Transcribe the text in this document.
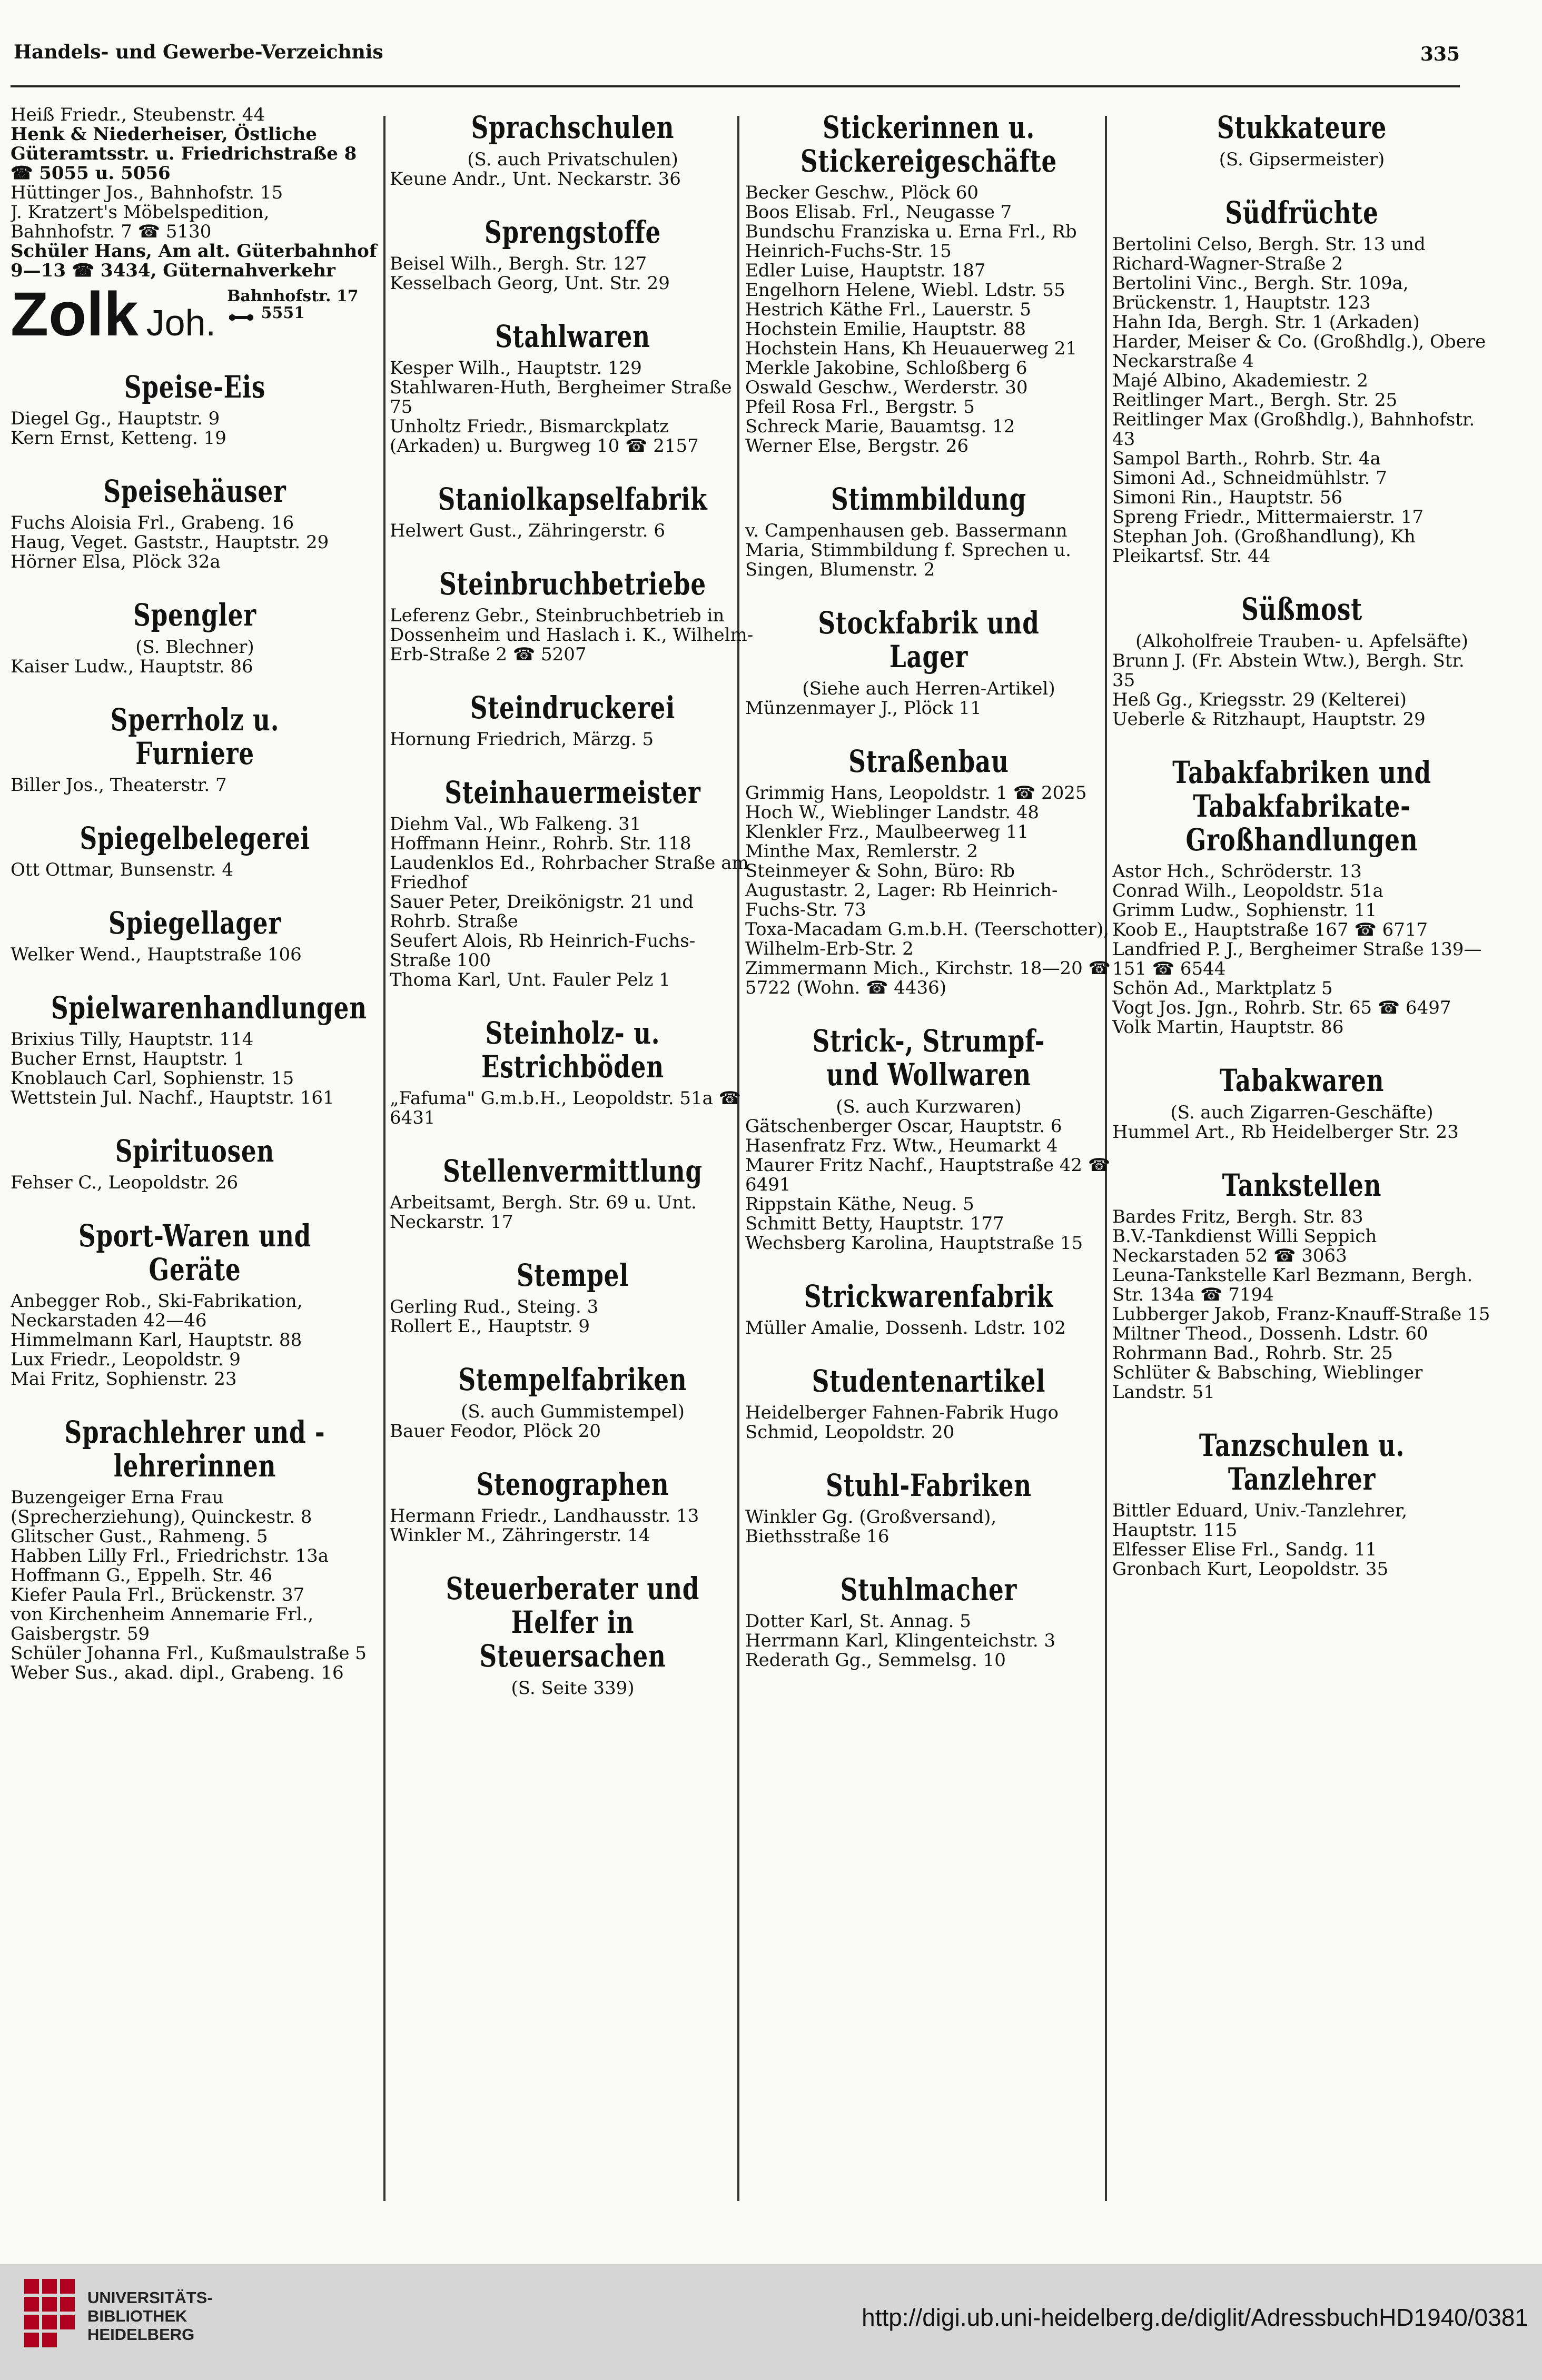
Handels- und Gewerbe-Verzeichnis	335
Heiß Friedr., Steubenstr. 44
Henk & Niederheiser, Östliche Güteramtsstr. u. Friedrichstraße 8 ☎ 5055 u. 5056
Hüttinger Jos., Bahnhofstr. 15
J. Kratzert's Möbelspedition, Bahnhofstr. 7 ☎ 5130
Schüler Hans, Am alt. Güterbahnhof 9—13 ☎ 3434, Güternahverkehr
Zolk Joh. Bahnhofstr. 17
5551
Speise-Eis
Diegel Gg., Hauptstr. 9
Kern Ernst, Ketteng. 19
Speisehäuser
Fuchs Aloisia Frl., Grabeng. 16
Haug, Veget. Gaststr., Hauptstr. 29
Hörner Elsa, Plöck 32a
Spengler
(S. Blechner)
Kaiser Ludw., Hauptstr. 86
Sperrholz u. Furniere
Biller Jos., Theaterstr. 7
Spiegelbelegerei
Ott Ottmar, Bunsenstr. 4
Spiegellager
Welker Wend., Hauptstraße 106
Spielwarenhandlungen
Brixius Tilly, Hauptstr. 114
Bucher Ernst, Hauptstr. 1
Knoblauch Carl, Sophienstr. 15
Wettstein Jul. Nachf., Hauptstr. 161
Spirituosen
Fehser C., Leopoldstr. 26
Sport-Waren und Geräte
Anbegger Rob., Ski-Fabrikation, Neckarstaden 42—46
Himmelmann Karl, Hauptstr. 88
Lux Friedr., Leopoldstr. 9
Mai Fritz, Sophienstr. 23
Sprachlehrer und -lehrerinnen
Buzengeiger Erna Frau (Sprecherziehung), Quinckestr. 8
Glitscher Gust., Rahmeng. 5
Habben Lilly Frl., Friedrichstr. 13a
Hoffmann G., Eppelh. Str. 46
Kiefer Paula Frl., Brückenstr. 37
von Kirchenheim Annemarie Frl., Gaisbergstr. 59
Schüler Johanna Frl., Kußmaulstraße 5
Weber Sus., akad. dipl., Grabeng. 16
Sprachschulen
(S. auch Privatschulen)
Keune Andr., Unt. Neckarstr. 36
Sprengstoffe
Beisel Wilh., Bergh. Str. 127
Kesselbach Georg, Unt. Str. 29
Stahlwaren
Kesper Wilh., Hauptstr. 129
Stahlwaren-Huth, Bergheimer Straße 75
Unholtz Friedr., Bismarckplatz (Arkaden) u. Burgweg 10 ☎ 2157
Staniolkapselfabrik
Helwert Gust., Zähringerstr. 6
Steinbruchbetriebe
Leferenz Gebr., Steinbruchbetrieb in Dossenheim und Haslach i. K., Wilhelm-Erb-Straße 2 ☎ 5207
Steindruckerei
Hornung Friedrich, Märzg. 5
Steinhauermeister
Diehm Val., Wb Falkeng. 31
Hoffmann Heinr., Rohrb. Str. 118
Laudenklos Ed., Rohrbacher Straße am Friedhof
Sauer Peter, Dreikönigstr. 21 und Rohrb. Straße
Seufert Alois, Rb Heinrich-Fuchs-Straße 100
Thoma Karl, Unt. Fauler Pelz 1
Steinholz- u. Estrichböden
„Fafuma" G.m.b.H., Leopoldstr. 51a ☎ 6431
Stellenvermittlung
Arbeitsamt, Bergh. Str. 69 u. Unt. Neckarstr. 17
Stempel
Gerling Rud., Steing. 3
Rollert E., Hauptstr. 9
Stempelfabriken
(S. auch Gummistempel)
Bauer Feodor, Plöck 20
Stenographen
Hermann Friedr., Landhausstr. 13
Winkler M., Zähringerstr. 14
Steuerberater und Helfer in Steuersachen
(S. Seite 339)
Stickerinnen u. Stickereigeschäfte
Becker Geschw., Plöck 60
Boos Elisab. Frl., Neugasse 7
Bundschu Franziska u. Erna Frl., Rb Heinrich-Fuchs-Str. 15
Edler Luise, Hauptstr. 187
Engelhorn Helene, Wiebl. Ldstr. 55
Hestrich Käthe Frl., Lauerstr. 5
Hochstein Emilie, Hauptstr. 88
Hochstein Hans, Kh Heuauerweg 21
Merkle Jakobine, Schloßberg 6
Oswald Geschw., Werderstr. 30
Pfeil Rosa Frl., Bergstr. 5
Schreck Marie, Bauamtsg. 12
Werner Else, Bergstr. 26
Stimmbildung
v. Campenhausen geb. Bassermann Maria, Stimmbildung f. Sprechen u. Singen, Blumenstr. 2
Stockfabrik und Lager
(Siehe auch Herren-Artikel)
Münzenmayer J., Plöck 11
Straßenbau
Grimmig Hans, Leopoldstr. 1 ☎ 2025
Hoch W., Wieblinger Landstr. 48
Klenkler Frz., Maulbeerweg 11
Minthe Max, Remlerstr. 2
Steinmeyer & Sohn, Büro: Rb Augustastr. 2, Lager: Rb Heinrich-Fuchs-Str. 73
Toxa-Macadam G.m.b.H. (Teerschotter), Wilhelm-Erb-Str. 2
Zimmermann Mich., Kirchstr. 18—20 ☎ 5722 (Wohn. ☎ 4436)
Strick-, Strumpf- und Wollwaren
(S. auch Kurzwaren)
Gätschenberger Oscar, Hauptstr. 6
Hasenfratz Frz. Wtw., Heumarkt 4
Maurer Fritz Nachf., Hauptstraße 42 ☎ 6491
Rippstain Käthe, Neug. 5
Schmitt Betty, Hauptstr. 177
Wechsberg Karolina, Hauptstraße 15
Strickwarenfabrik
Müller Amalie, Dossenh. Ldstr. 102
Studentenartikel
Heidelberger Fahnen-Fabrik Hugo Schmid, Leopoldstr. 20
Stuhl-Fabriken
Winkler Gg. (Großversand), Biethsstraße 16
Stuhlmacher
Dotter Karl, St. Annag. 5
Herrmann Karl, Klingenteichstr. 3
Rederath Gg., Semmelsg. 10
Stukkateure
(S. Gipsermeister)
Südfrüchte
Bertolini Celso, Bergh. Str. 13 und Richard-Wagner-Straße 2
Bertolini Vinc., Bergh. Str. 109a, Brückenstr. 1, Hauptstr. 123
Hahn Ida, Bergh. Str. 1 (Arkaden)
Harder, Meiser & Co. (Großhdlg.), Obere Neckarstraße 4
Majé Albino, Akademiestr. 2
Reitlinger Mart., Bergh. Str. 25
Reitlinger Max (Großhdlg.), Bahnhofstr. 43
Sampol Barth., Rohrb. Str. 4a
Simoni Ad., Schneidmühlstr. 7
Simoni Rin., Hauptstr. 56
Spreng Friedr., Mittermaierstr. 17
Stephan Joh. (Großhandlung), Kh Pleikartsf. Str. 44
Süßmost
(Alkoholfreie Trauben- u. Apfelsäfte)
Brunn J. (Fr. Abstein Wtw.), Bergh. Str. 35
Heß Gg., Kriegsstr. 29 (Kelterei)
Ueberle & Ritzhaupt, Hauptstr. 29
Tabakfabriken und Tabakfabrikate-Großhandlungen
Astor Hch., Schröderstr. 13
Conrad Wilh., Leopoldstr. 51a
Grimm Ludw., Sophienstr. 11
Koob E., Hauptstraße 167 ☎ 6717
Landfried P. J., Bergheimer Straße 139—151 ☎ 6544
Schön Ad., Marktplatz 5
Vogt Jos. Jgn., Rohrb. Str. 65 ☎ 6497
Volk Martin, Hauptstr. 86
Tabakwaren
(S. auch Zigarren-Geschäfte)
Hummel Art., Rb Heidelberger Str. 23
Tankstellen
Bardes Fritz, Bergh. Str. 83
B.V.-Tankdienst Willi Seppich Neckarstaden 52 ☎ 3063
Leuna-Tankstelle Karl Bezmann, Bergh. Str. 134a ☎ 7194
Lubberger Jakob, Franz-Knauff-Straße 15
Miltner Theod., Dossenh. Ldstr. 60
Rohrmann Bad., Rohrb. Str. 25
Schlüter & Babsching, Wieblinger Landstr. 51
Tanzschulen u. Tanzlehrer
Bittler Eduard, Univ.-Tanzlehrer, Hauptstr. 115
Elfesser Elise Frl., Sandg. 11
Gronbach Kurt, Leopoldstr. 35
UNIVERSITÄTS-
BIBLIOTHEK
HEIDELBERG
http://digi.ub.uni-heidelberg.de/diglit/AdressbuchHD1940/0381
